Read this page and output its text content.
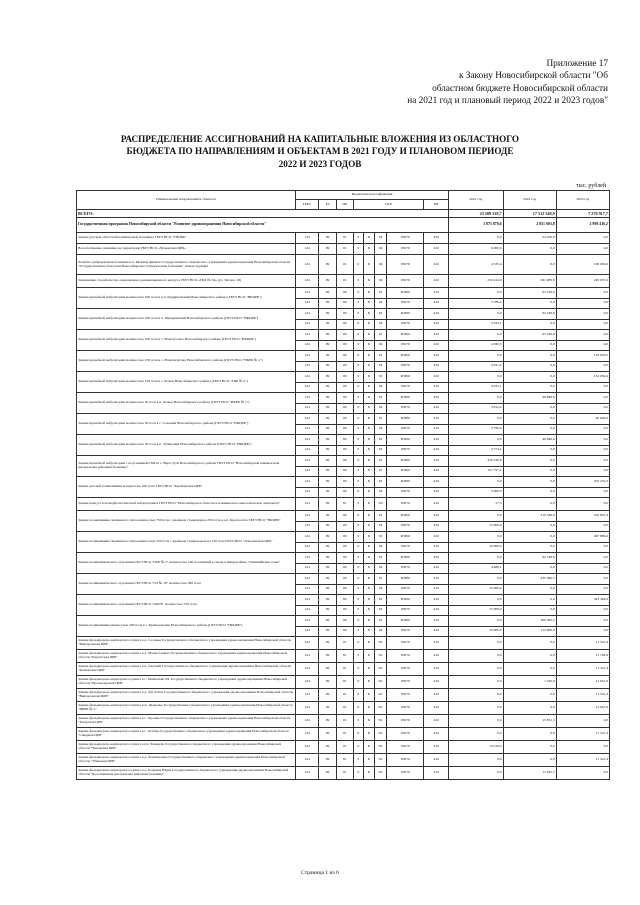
Приложение 17
к Закону Новосибирской области "Об
областном бюджете Новосибирской области
на 2021 год и плановый период 2022 и 2023 годов"
РАСПРЕДЕЛЕНИЕ АССИГНОВАНИЙ НА КАПИТАЛЬНЫЕ ВЛОЖЕНИЯ ИЗ ОБЛАСТНОГО БЮДЖЕТА ПО НАПРАВЛЕНИЯМ И ОБЪЕКТАМ В 2021 ГОДУ И ПЛАНОВОМ ПЕРИОДЕ 2022 И 2023 ГОДОВ
тыс. рублей
Наименование направлений и объектов	Бюджетная классификация								2021 год	2022 год	2023 год
	ГРБС	РЗ	ПР	ЦСР				ВР			
ВСЕГО:									23 589 139,7	17 512 549,9	7 270 917,7
Государственная программа Новосибирской области "Развитие здравоохранения Новосибирской области"									1 875 878,6	2 851 603,8	2 998 416,2
Здание детской областной клинической больницы ГБУЗ НСО "ГНОКБ"	124	09	01	0	Б	04	03070	410	0,0	54 450,0	0,0
Водоснабжение скважина на территории ГБУЗ НСО «Чулымская ЦРБ»	124	09	01	0	Б	04	03070	410	6 000,0	0,0	0,0
Лечебно-туберкулезная больница в п. Мочище филиал Государственного бюджетного учреждения здравоохранения Новосибирской области "Государственная областная Новосибирская туберкулезная больница". Реконструкция	124	09	01	0	Б	04	03070	410	4 535,4	0,0	100 000,0
Завершение строительства операционно-реанимационного корпуса ГБУЗ НСО «ГКБ № 34» (ул. Титова, 18)	124	09	01	0	Б	04	03070	410	256 224,0	291 083,8	226 937,4
Здание врачебной амбулатории мощностью 100 п/см в д.п. Кудряшовский Новосибирского района (ГБУЗ НСО "НКЦРБ")	124	09	09	0	Б	01	R3650	410	0,0	95 196,6	0,0
	124	09	09	0	Б	04	03070	410	3 789,4	0,0	0,0
Здание врачебной амбулатории мощностью 100 п/см в п. Мичуринский Новосибирского района (ГБУЗ НСО "НКЦРБ")	124	09	09	0	Б	01	R3650	410	0,0	95 196,6	0,0
	124	09	09	0	Б	04	03070	410	3 633,1	0,0	0,0
Здание врачебной амбулатории мощностью 100 п/см в с. Новолуговое Новосибирского района (ГБУЗ НСО "НКЦРБ")	124	09	09	0	Б	01	R3650	410	0,0	95 196,6	0,0
	124	09	09	0	Б	04	03070	410	4 030,3	0,0	0,0
Здание врачебной амбулатории мощностью 150 п/см в с. Новопичугово Новосибирского района (ГБУЗ НСО "НКРБ № 1")	124	09	09	0	Б	01	R3650	410	0,0	0,0	132 959,5
	124	09	09	0	Б	04	03070	410	4 031,2	0,0	0,0
Здание врачебной амбулатории мощностью 150 п/см в с. Кочки Новосибирского района (ГБУЗ НСО "ГКБ № 2")	124	09	09	0	Б	01	R3650	410	0,0	0,0	132 959,4
	124	09	09	0	Б	04	03070	410	4 031,1	0,0	0,0
Здание врачебной амбулатории мощностью 50 п/см в п. Ложок Новосибирского района (ГБУЗ НСО "НКРБ № 1")	124	09	09	0	Б	01	R3650	410	0,0	40 846,6	0,0
	124	09	09	0	Б	04	03070	410	3 812,4	0,0	0,0
Здание врачебной амбулатории мощностью 50 п/см в с. Садовый Новосибирского района (ГБУЗ НСО "НКЦРБ")	124	09	09	0	Б	01	R3650	410	0,0	0,0	40 846,6
	124	09	09	0	Б	04	03070	410	3 796,6	0,0	0,0
Здание врачебной амбулатории мощностью 50 п/см в п. Тулинский Новосибирского района (ГБУЗ НСО "НКЦРБ")	124	09	09	0	Б	01	R3650	410	0,0	40 846,6	0,0
	124	09	09	0	Б	04	03070	410	3 774,2	0,0	0,0
Здание врачебной амбулатории с подстанцией СМП в с. Верх-Тула Новосибирского района ГБУЗ НСО "Новосибирская клиническая центральная районная больница"	124	09	09	0	Б	01	R3650	410	350 536,6	0,0	0,0
	124	09	09	0	Б	01	R3650	410	157 757,2	0,0	0,0
Здание детской поликлиники мощностью 250 п/см ГБУЗ НСО "Барабинская ЦРБ"	124	09	09	0	Б	01	R3650	410	0,0	0,0	255 255,3
	124	09	09	0	Б	04	03070	410	5 900,9	0,0	0,0
Здание корпуса патоморфологической лаборатории в ГБУЗ НСО "Новосибирское областное клиническое онкологическое диспансер"	124	09	01	0	Б	N3	03070	410	57,5	0,0	0,0
Здание поликлиники смешанного типа мощностью 750 п/см с дневным стационаром 250 п/см в р.п. Краснообск ГБУЗ НСО "НКЦРБ"	124	09	09	0	Б	01	R3650	410	0,0	319 328,6	276 801,4
	124	09	09	0	Б	04	03070	410	15 000,0	0,0	0,0
Здание поликлиники смешанного типа мощностью 250 п/см с дневным стационаром на 120 п/см ГБУЗ НСО "Доволенская ЦРБ"	124	09	09	0	Б	01	R3650	410	0,0	0,0	497 886,4
	124	09	09	0	Б	04	03070	410	10 000,0	0,0	0,0
Здание поликлинического отделения ГБУЗ НСО "ГКБ № 2" мощностью 100 посещений в смену в микрорайоне "Олимпийская слава"	124	09	09	0	Б	01	R3650	410	0,0	94 748,6	0,0
	124	09	09	0	Б	04	03070	410	4 460,1	0,0	0,0
Здание поликлинического отделения ГБУЗ НСО "ГП № 18" мощностью 300 п/см	124	09	09	0	Б	01	R3650	410	0,0	435 360,5	0,0
	124	09	09	0	Б	04	03070	410	10 000,0	0,0	0,0
Здание поликлинического отделения ГБУЗ НСО "ОЦГБ" мощностью 550 п/см	124	09	09	0	Б	01	R3650	410	0,0	0,0	343 364,9
	124	09	09	0	Б	04	03070	410	15 000,0	0,0	0,0
Здание поликлиники мощностью 500 п/см в с. Криводановка Новосибирского района (ГБУЗ НСО "НКЦРБ")	124	09	09	0	Б	01	R3650	410	0,0	306 395,2	0,0
	124	09	09	0	Б	04	03070	410	10 000,0	112 000,0	0,0
Здание фельдшерско-акушерского пункта в д. Соловьи Государственного бюджетного учреждения здравоохранения Новосибирской области "Венгеровская ЦРБ"	124	09	01	0	Б	N1	03070	410	0,0	0,0	11 541,4
Здание фельдшерско-акушерского пункта в д. Малая Скирла Государственного бюджетного учреждения здравоохранения Новосибирской области "Каргатская ЦРБ"	124	09	01	0	Б	N1	03070	410	0,0	0,0	15 764,9
Здание фельдшерско-акушерского пункта в п. Светлый Государственного бюджетного учреждения здравоохранения Новосибирской области "Кочковская ЦРБ"	124	09	01	0	Б	N1	03070	410	0,0	0,0	11 541,4
Здание фельдшерско-акушерского пункта в с. Мохнатый Лог Государственного бюджетного учреждения здравоохранения Новосибирской области "Краснозерская ЦРБ"	124	09	01	0	Б	N1	03070	410	0,0	1 250,0	12 041,9
Здание фельдшерско-акушерского пункта в д. Зуб-Забок Государственного бюджетного учреждения здравоохранения Новосибирской области "Венгеровская ЦРБ"	124	09	01	0	Б	N1	03070	410	0,0	0,0	11 541,4
Здание фельдшерско-акушерского пункта в ж. Дворечье Государственного бюджетного учреждения здравоохранения Новосибирской области "НКРБ № 1"	124	09	01	0	Б	N1	03070	410	0,0	0,0	12 041,9
Здание фельдшерско-акушерского пункта в с. Орловка Государственного бюджетного учреждения здравоохранения Новосибирской области "Татарская ЦРБ"	124	09	01	0	Б	N1	03070	410	0,0	15 851,3	0,0
Здание фельдшерско-акушерского пункта в с. Остяцк Государственного бюджетного учреждения здравоохранения Новосибирской области "Северная ЦРБ"	124	09	01	0	Б	N1	03070	410	0,0	0,0	11 541,4
Здание фельдшерско-акушерского пункта в пос Кошкуль Государственного бюджетного учреждения здравоохранения Новосибирской области "Чановская ЦРБ"	124	09	01	0	Б	N1	03070	410	14 019,0	0,0	0,0
Здание фельдшерско-акушерского пункта в д. Ленинградка Государственного бюджетного учреждения здравоохранения Новосибирской области "Убинская ЦРБ"	124	09	01	0	Б	N1	03070	410	0,0	0,0	11 541,4
Здание фельдшерско-акушерского пункта в д. Большая Юрма Государственного бюджетного учреждения здравоохранения Новосибирской области "Болотнинская центральная районная больница"	124	09	01	0	Б	N1	03070	410	0,0	11 635,7	0,0
Страница 1 из 6
